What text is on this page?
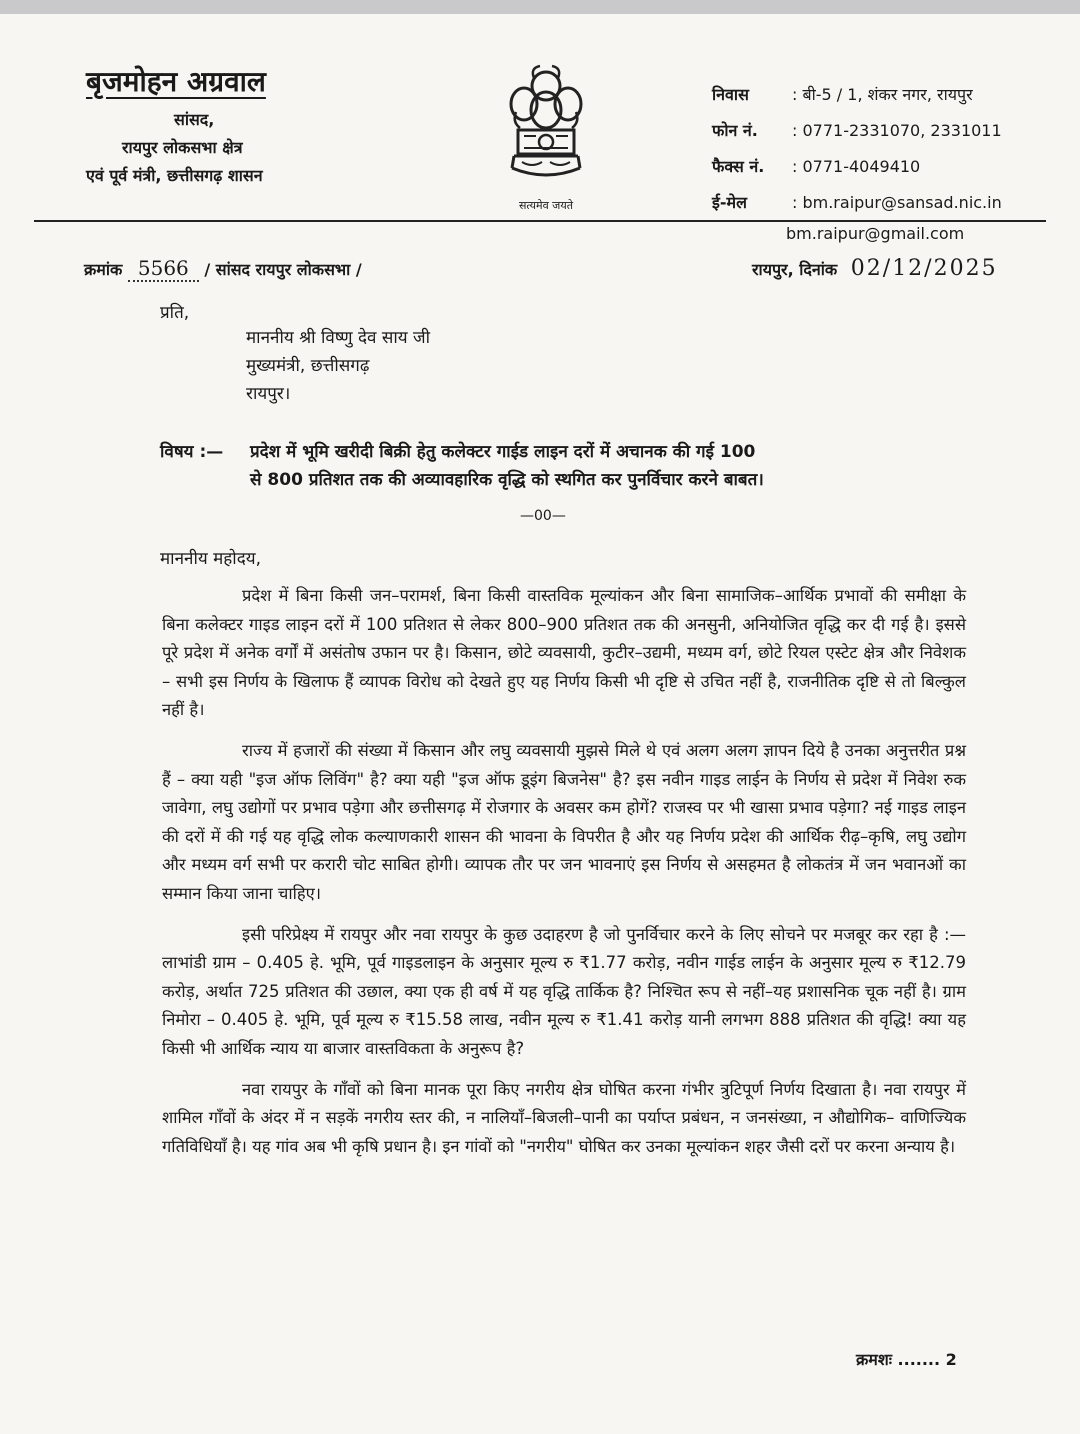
बृजमोहन अग्रवाल
सांसद,
रायपुर लोकसभा क्षेत्र
एवं पूर्व मंत्री, छत्तीसगढ़ शासन
सत्यमेव जयते
निवास	: बी-5 / 1, शंकर नगर, रायपुर
फोन नं.	: 0771-2331070, 2331011
फैक्स नं.	: 0771-4049410
ई-मेल	: bm.raipur@sansad.nic.in
bm.raipur@gmail.com
क्रमांक 5566 / सांसद रायपुर लोकसभा /	रायपुर, दिनांक 02/12/2025
प्रति,
माननीय श्री विष्णु देव साय जी
मुख्यमंत्री, छत्तीसगढ़
रायपुर।
विषय :— प्रदेश में भूमि खरीदी बिक्री हेतु कलेक्टर गाईड लाइन दरों में अचानक की गई 100
से 800 प्रतिशत तक की अव्यावहारिक वृद्धि को स्थगित कर पुनर्विचार करने बाबत।
—00—
माननीय महोदय,

प्रदेश में बिना किसी जन–परामर्श, बिना किसी वास्तविक मूल्यांकन और बिना सामाजिक–आर्थिक प्रभावों की समीक्षा के बिना कलेक्टर गाइड लाइन दरों में 100 प्रतिशत से लेकर 800–900 प्रतिशत तक की अनसुनी, अनियोजित वृद्धि कर दी गई है। इससे पूरे प्रदेश में अनेक वर्गों में असंतोष उफान पर है। किसान, छोटे व्यवसायी, कुटीर–उद्यमी, मध्यम वर्ग, छोटे रियल एस्टेट क्षेत्र और निवेशक – सभी इस निर्णय के खिलाफ हैं व्यापक विरोध को देखते हुए यह निर्णय किसी भी दृष्टि से उचित नहीं है, राजनीतिक दृष्टि से तो बिल्कुल नहीं है।

राज्य में हजारों की संख्या में किसान और लघु व्यवसायी मुझसे मिले थे एवं अलग अलग ज्ञापन दिये है उनका अनुत्तरीत प्रश्न हैं – क्या यही "इज ऑफ लिविंग" है? क्या यही "इज ऑफ डूइंग बिजनेस" है? इस नवीन गाइड लाईन के निर्णय से प्रदेश में निवेश रुक जावेगा, लघु उद्योगों पर प्रभाव पड़ेगा और छत्तीसगढ़ में रोजगार के अवसर कम होगें? राजस्व पर भी खासा प्रभाव पड़ेगा? नई गाइड लाइन की दरों में की गई यह वृद्धि लोक कल्याणकारी शासन की भावना के विपरीत है और यह निर्णय प्रदेश की आर्थिक रीढ़–कृषि, लघु उद्योग और मध्यम वर्ग सभी पर करारी चोट साबित होगी। व्यापक तौर पर जन भावनाएं इस निर्णय से असहमत है लोकतंत्र में जन भवानओं का सम्मान किया जाना चाहिए।

इसी परिप्रेक्ष्य में रायपुर और नवा रायपुर के कुछ उदाहरण है जो पुनर्विचार करने के लिए सोचने पर मजबूर कर रहा है :— लाभांडी ग्राम – 0.405 हे. भूमि, पूर्व गाइडलाइन के अनुसार मूल्य रु ₹1.77 करोड़, नवीन गाईड लाईन के अनुसार मूल्य रु ₹12.79 करोड़, अर्थात 725 प्रतिशत की उछाल, क्या एक ही वर्ष में यह वृद्धि तार्किक है? निश्चित रूप से नहीं–यह प्रशासनिक चूक नहीं है। ग्राम निमोरा – 0.405 हे. भूमि, पूर्व मूल्य रु ₹15.58 लाख, नवीन मूल्य रु ₹1.41 करोड़ यानी लगभग 888 प्रतिशत की वृद्धि! क्या यह किसी भी आर्थिक न्याय या बाजार वास्तविकता के अनुरूप है?

नवा रायपुर के गाँवों को बिना मानक पूरा किए नगरीय क्षेत्र घोषित करना गंभीर त्रुटिपूर्ण निर्णय दिखाता है। नवा रायपुर में शामिल गाँवों के अंदर में न सड़कें नगरीय स्तर की, न नालियाँ–बिजली–पानी का पर्याप्त प्रबंधन, न जनसंख्या, न औद्योगिक– वाणिज्यिक गतिविधियाँ है। यह गांव अब भी कृषि प्रधान है। इन गांवों को "नगरीय" घोषित कर उनका मूल्यांकन शहर जैसी दरों पर करना अन्याय है।

क्रमशः ....... 2
